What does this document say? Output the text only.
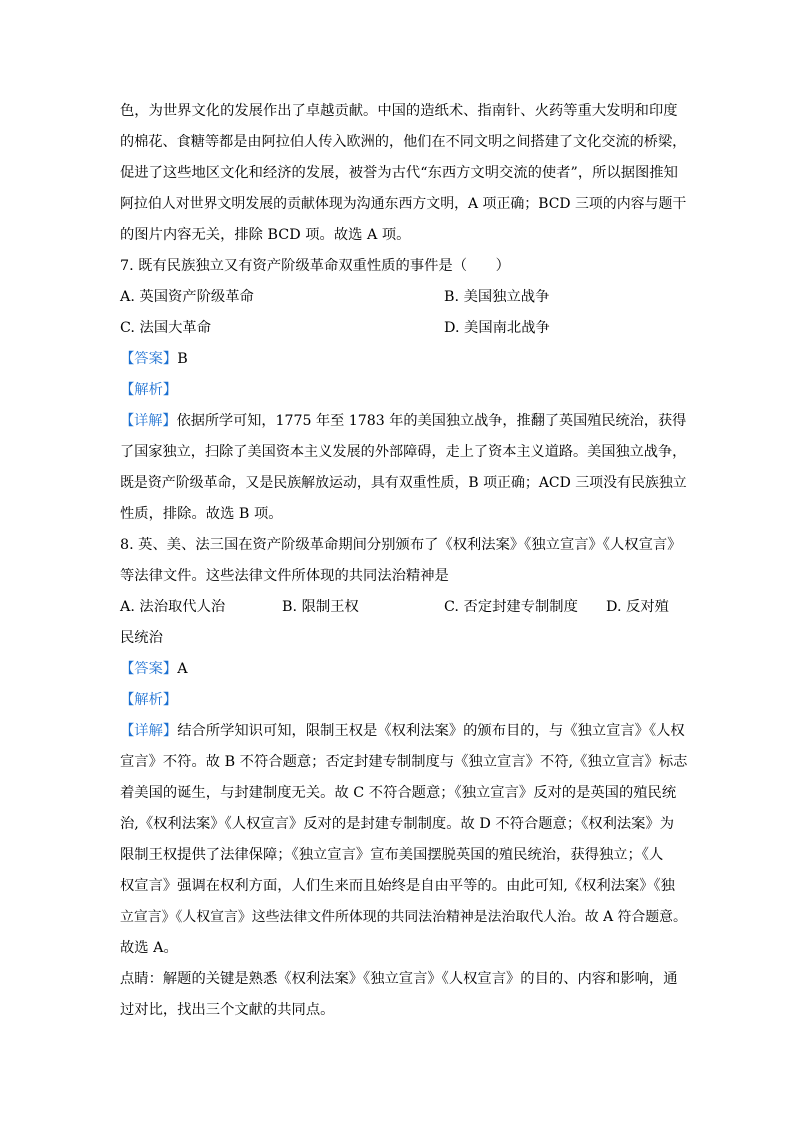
色，为世界文化的发展作出了卓越贡献。中国的造纸术、指南针、火药等重大发明和印度
的棉花、食糖等都是由阿拉伯人传入欧洲的，他们在不同文明之间搭建了文化交流的桥梁，
促进了这些地区文化和经济的发展，被誉为古代“东西方文明交流的使者”，所以据图推知
阿拉伯人对世界文明发展的贡献体现为沟通东西方文明，A 项正确；BCD 三项的内容与题干
的图片内容无关，排除 BCD 项。故选 A 项。
7. 既有民族独立又有资产阶级革命双重性质的事件是（　　）
A. 英国资产阶级革命	B. 美国独立战争
C. 法国大革命	D. 美国南北战争
【答案】B
【解析】
【详解】依据所学可知，1775 年至 1783 年的美国独立战争，推翻了英国殖民统治，获得
了国家独立，扫除了美国资本主义发展的外部障碍，走上了资本主义道路。美国独立战争，
既是资产阶级革命，又是民族解放运动，具有双重性质，B 项正确；ACD 三项没有民族独立
性质，排除。故选 B 项。
8. 英、美、法三国在资产阶级革命期间分别颁布了《权利法案》《独立宣言》《人权宣言》
等法律文件。这些法律文件所体现的共同法治精神是
A. 法治取代人治	B. 限制王权	C. 否定封建专制制度 D. 反对殖
民统治
【答案】A
【解析】
【详解】结合所学知识可知，限制王权是《权利法案》的颁布目的，与《独立宣言》《人权
宣言》不符。故 B 不符合题意；否定封建专制制度与《独立宣言》不符,《独立宣言》标志
着美国的诞生，与封建制度无关。故 C 不符合题意；《独立宣言》反对的是英国的殖民统
治,《权利法案》《人权宣言》反对的是封建专制制度。故 D 不符合题意；《权利法案》为
限制王权提供了法律保障；《独立宣言》宣布美国摆脱英国的殖民统治，获得独立；《人
权宣言》强调在权利方面，人们生来而且始终是自由平等的。由此可知,《权利法案》《独
立宣言》《人权宣言》这些法律文件所体现的共同法治精神是法治取代人治。故 A 符合题意。
故选 A。
点睛：解题的关键是熟悉《权利法案》《独立宣言》《人权宣言》的目的、内容和影响，通
过对比，找出三个文献的共同点。
